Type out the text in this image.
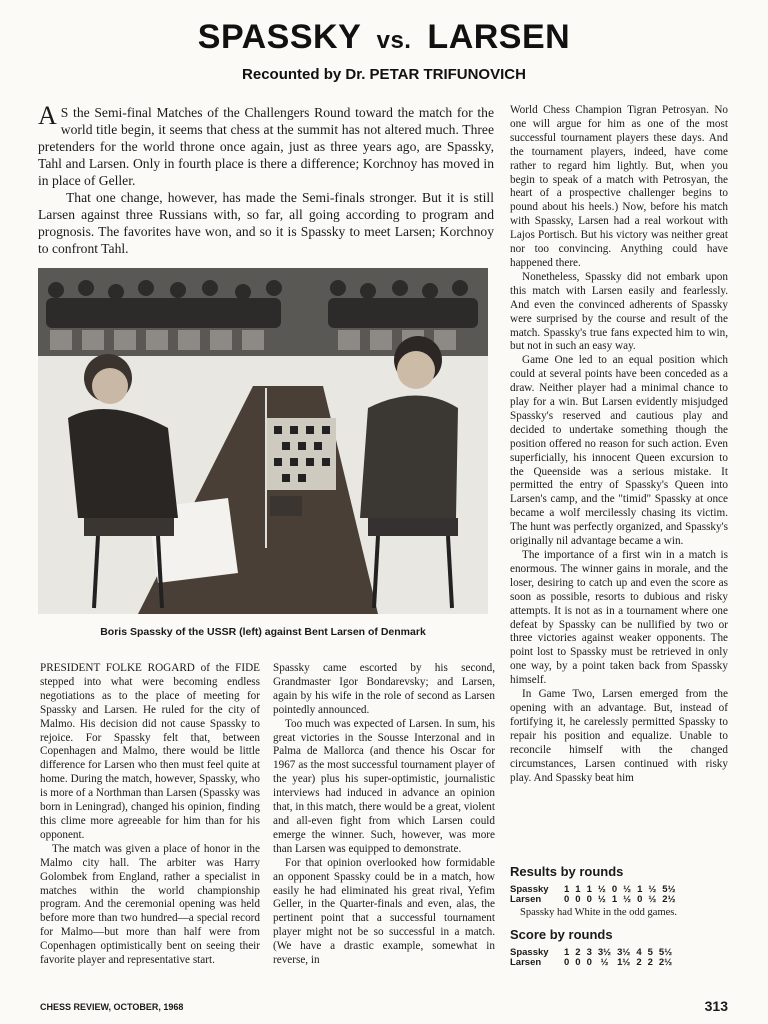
SPASSKY vs. LARSEN
Recounted by Dr. PETAR TRIFUNOVICH

A S the Semi-final Matches of the Challengers Round toward the match for the world title begin, it seems that chess at the summit has not altered much. Three pretenders for the world throne once again, just as three years ago, are Spassky, Tahl and Larsen. Only in fourth place is there a difference; Korchnoy has moved in in place of Geller.

That one change, however, has made the Semi-finals stronger. But it is still Larsen against three Russians with, so far, all going according to program and prognosis. The favorites have won, and so it is Spassky to meet Larsen; Korchnoy to confront Tahl.

Boris Spassky of the USSR (left) against Bent Larsen of Denmark

PRESIDENT FOLKE ROGARD of the FIDE stepped into what were becoming endless negotiations as to the place of meeting for Spassky and Larsen. He ruled for the city of Malmo. His decision did not cause Spassky to rejoice. For Spassky felt that, between Copenhagen and Malmo, there would be little difference for Larsen who then must feel quite at home. During the match, however, Spassky, who is more of a Northman than Larsen (Spassky was born in Leningrad), changed his opinion, finding this clime more agreeable for him than for his opponent.

The match was given a place of honor in the Malmo city hall. The arbiter was Harry Golombek from England, rather a specialist in matches within the world championship program. And the ceremonial opening was held before more than two hundred—a special record for Malmo—but more than half were from Copenhagen optimistically bent on seeing their favorite player and representative start.

Spassky came escorted by his second, Grandmaster Igor Bondarevsky; and Larsen, again by his wife in the role of second as Larsen pointedly announced.

Too much was expected of Larsen. In sum, his great victories in the Sousse Interzonal and in Palma de Mallorca (and thence his Oscar for 1967 as the most successful tournament player of the year) plus his super-optimistic, journalistic interviews had induced in advance an opinion that, in this match, there would be a great, violent and all-even fight from which Larsen could emerge the winner. Such, however, was more than Larsen was equipped to demonstrate.

For that opinion overlooked how formidable an opponent Spassky could be in a match, how easily he had eliminated his great rival, Yefim Geller, in the Quarter-finals and even, alas, the pertinent point that a successful tournament player might not be so successful in a match. (We have a drastic example, somewhat in reverse, in

World Chess Champion Tigran Petrosyan. No one will argue for him as one of the most successful tournament players these days. And the tournament players, indeed, have come rather to regard him lightly. But, when you begin to speak of a match with Petrosyan, the heart of a prospective challenger begins to pound about his heels.) Now, before his match with Spassky, Larsen had a real workout with Lajos Portisch. But his victory was neither great nor too convincing. Anything could have happened there.

Nonetheless, Spassky did not embark upon this match with Larsen easily and fearlessly. And even the convinced adherents of Spassky were surprised by the course and result of the match. Spassky's true fans expected him to win, but not in such an easy way.

Game One led to an equal position which could at several points have been conceded as a draw. Neither player had a minimal chance to play for a win. But Larsen evidently misjudged Spassky's reserved and cautious play and decided to undertake something though the position offered no reason for such action. Even superficially, his innocent Queen excursion to the Queenside was a serious mistake. It permitted the entry of Spassky's Queen into Larsen's camp, and the "timid" Spassky at once became a wolf mercilessly chasing its victim. The hunt was perfectly organized, and Spassky's originally nil advantage became a win.

The importance of a first win in a match is enormous. The winner gains in morale, and the loser, desiring to catch up and even the score as soon as possible, resorts to dubious and risky attempts. It is not as in a tournament where one defeat by Spassky can be nullified by two or three victories against weaker opponents. The point lost to Spassky must be retrieved in only one way, by a point taken back from Spassky himself.

In Game Two, Larsen emerged from the opening with an advantage. But, instead of fortifying it, he carelessly permitted Spassky to repair his position and equalize. Unable to reconcile himself with the changed circumstances, Larsen continued with risky play. And Spassky beat him

Results by rounds
Spassky	1	1	1	½	0	½	1	½	5½
Larsen	0	0	0	½	1	½	0	½	2½
Spassky had White in the odd games.
Score by rounds
Spassky	1	2	3	3½	3½	4	5	5½
Larsen	0	0	0	½	1½	2	2	2½
CHESS REVIEW, OCTOBER, 1968	313
